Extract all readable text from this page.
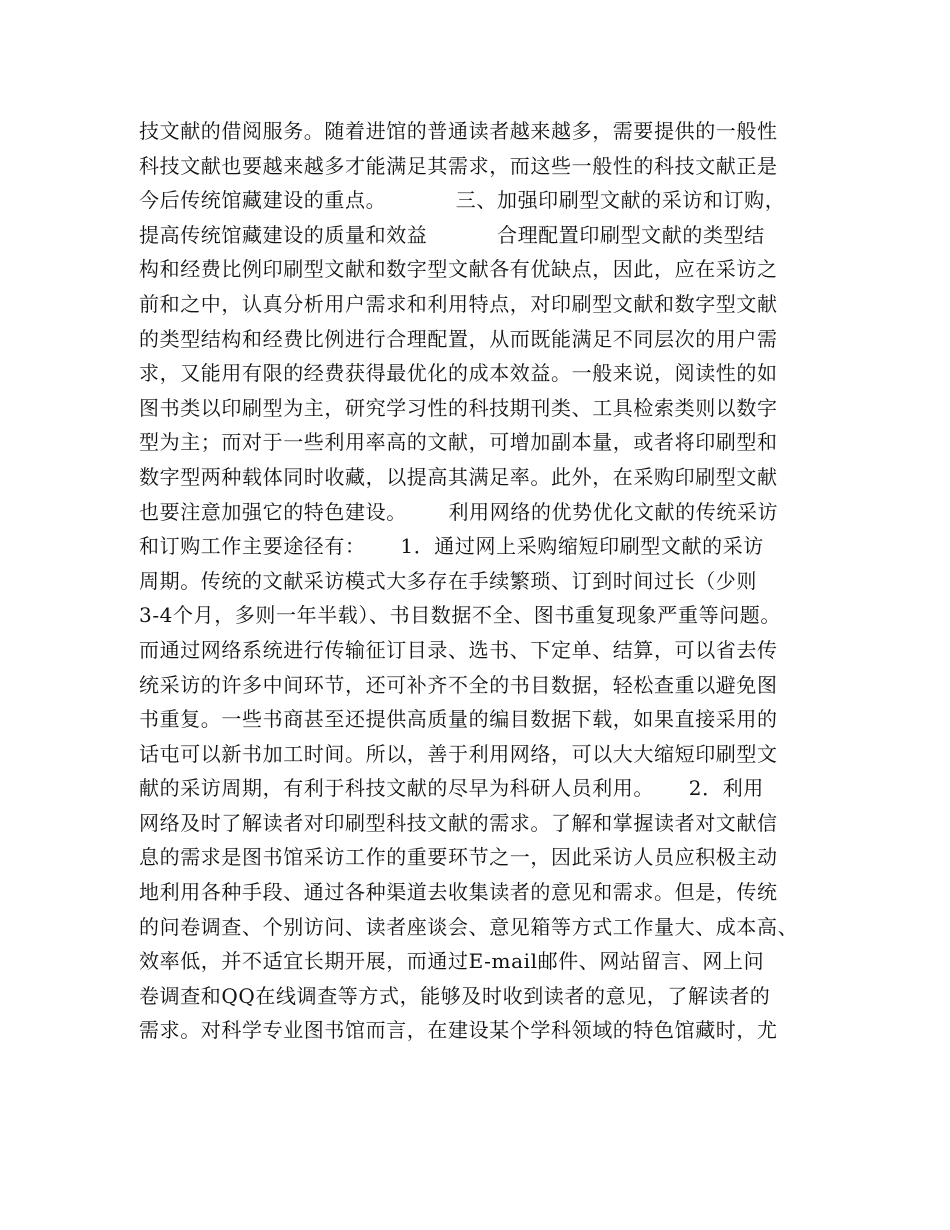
技文献的借阅服务。随着进馆的普通读者越来越多，需要提供的一般性
科技文献也要越来越多才能满足其需求，而这些一般性的科技文献正是
今后传统馆藏建设的重点。          三、加强印刷型文献的采访和订购，
提高传统馆藏建设的质量和效益          合理配置印刷型文献的类型结
构和经费比例印刷型文献和数字型文献各有优缺点，因此，应在采访之
前和之中，认真分析用户需求和利用特点，对印刷型文献和数字型文献
的类型结构和经费比例进行合理配置，从而既能满足不同层次的用户需
求，又能用有限的经费获得最优化的成本效益。一般来说，阅读性的如
图书类以印刷型为主，研究学习性的科技期刊类、工具检索类则以数字
型为主；而对于一些利用率高的文献，可增加副本量，或者将印刷型和
数字型两种载体同时收藏，以提高其满足率。此外，在采购印刷型文献
也要注意加强它的特色建设。      利用网络的优势优化文献的传统采访
和订购工作主要途径有：     1．通过网上采购缩短印刷型文献的采访
周期。传统的文献采访模式大多存在手续繁琐、订到时间过长（少则
3-4个月，多则一年半载）、书目数据不全、图书重复现象严重等问题。
而通过网络系统进行传输征订目录、选书、下定单、结算，可以省去传
统采访的许多中间环节，还可补齐不全的书目数据，轻松查重以避免图
书重复。一些书商甚至还提供高质量的编目数据下载，如果直接采用的
话屯可以新书加工时间。所以，善于利用网络，可以大大缩短印刷型文
献的采访周期，有利于科技文献的尽早为科研人员利用。     2．利用
网络及时了解读者对印刷型科技文献的需求。了解和掌握读者对文献信
息的需求是图书馆采访工作的重要环节之一，因此采访人员应积极主动
地利用各种手段、通过各种渠道去收集读者的意见和需求。但是，传统
的问卷调查、个别访问、读者座谈会、意见箱等方式工作量大、成本高、
效率低，并不适宜长期开展，而通过E-mail邮件、网站留言、网上问
卷调查和QQ在线调查等方式，能够及时收到读者的意见，了解读者的
需求。对科学专业图书馆而言，在建设某个学科领域的特色馆藏时，尤
